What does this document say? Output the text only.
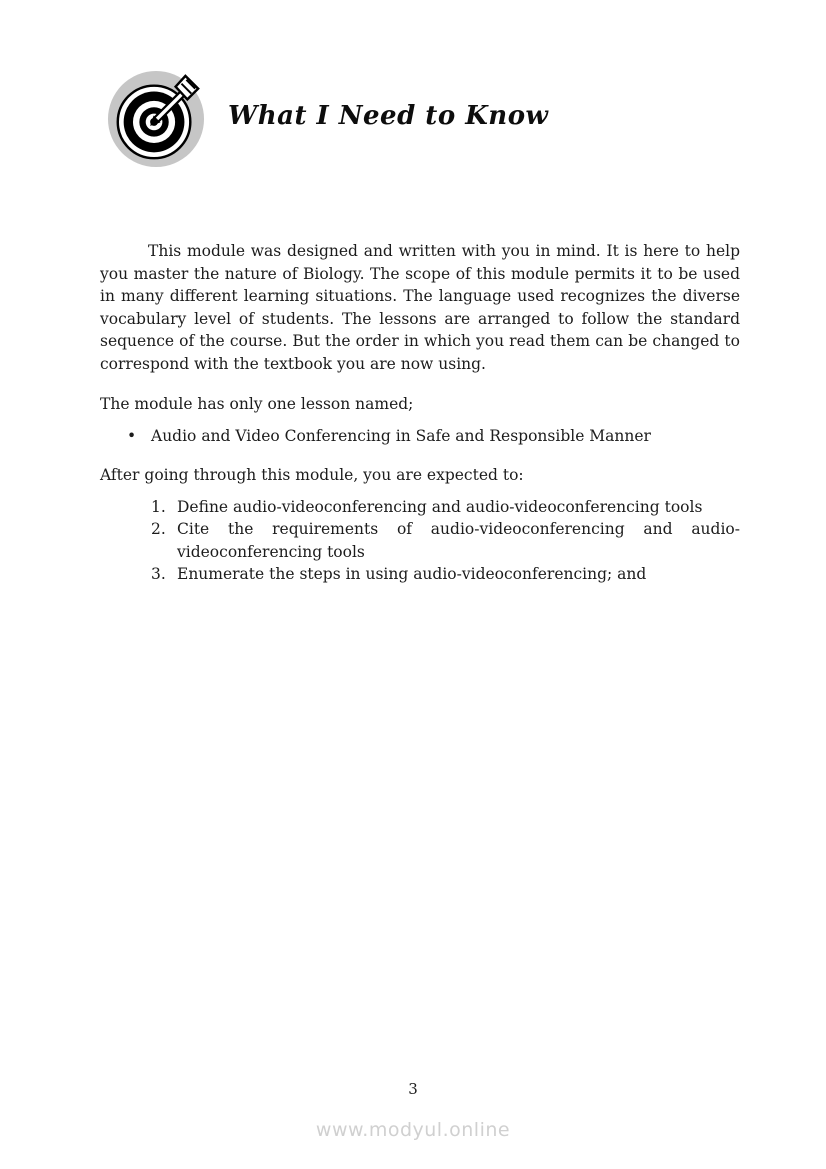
What I Need to Know

This module was designed and written with you in mind. It is here to help you master the nature of Biology. The scope of this module permits it to be used in many different learning situations. The language used recognizes the diverse vocabulary level of students. The lessons are arranged to follow the standard sequence of the course. But the order in which you read them can be changed to correspond with the textbook you are now using.

The module has only one lesson named;

• Audio and Video Conferencing in Safe and Responsible Manner

After going through this module, you are expected to:

1. Define audio-videoconferencing and audio-videoconferencing tools
2. Cite the requirements of audio-videoconferencing and audio-videoconferencing tools
3. Enumerate the steps in using audio-videoconferencing; and
3
www.modyul.online
